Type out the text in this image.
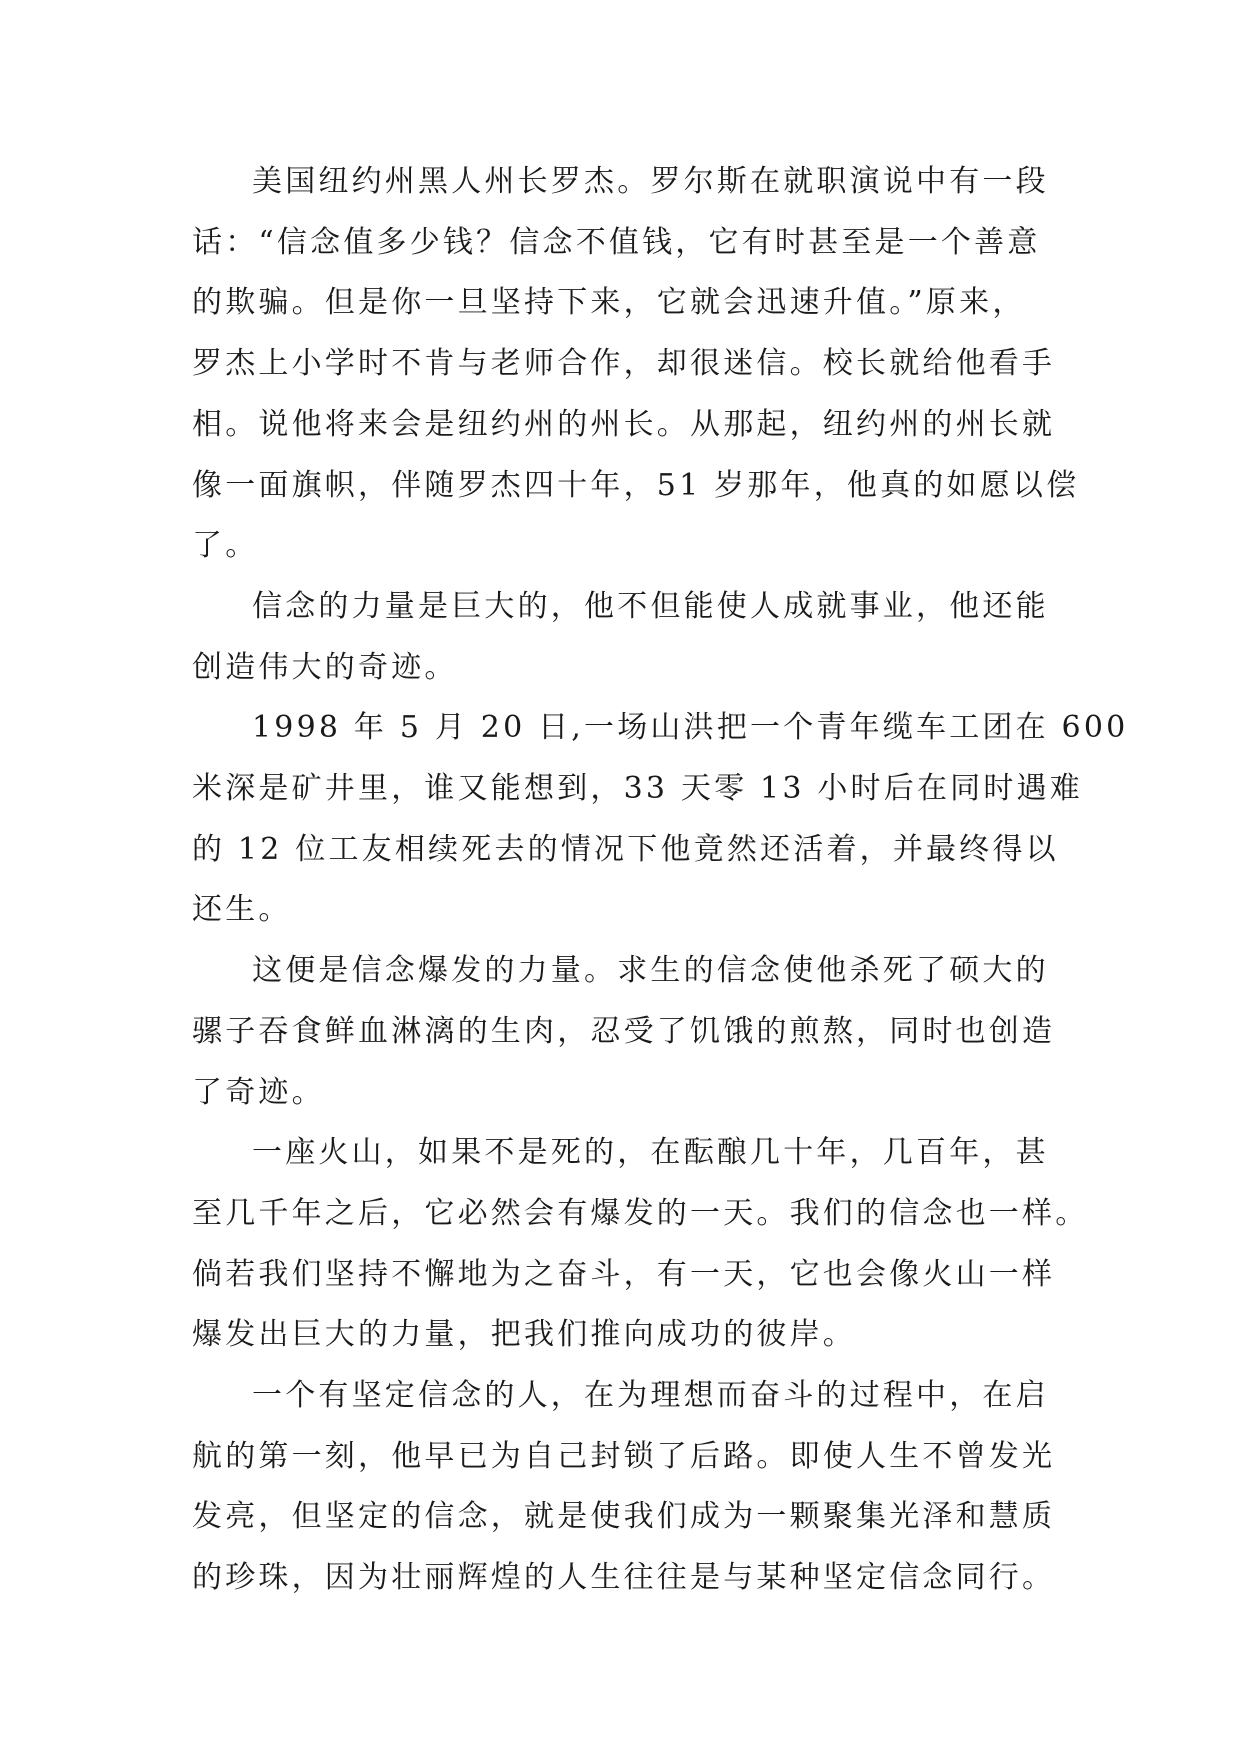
美国纽约州黑人州长罗杰。罗尔斯在就职演说中有一段
话：“信念值多少钱？信念不值钱，它有时甚至是一个善意
的欺骗。但是你一旦坚持下来，它就会迅速升值。”原来，
罗杰上小学时不肯与老师合作，却很迷信。校长就给他看手
相。说他将来会是纽约州的州长。从那起，纽约州的州长就
像一面旗帜，伴随罗杰四十年，51 岁那年，他真的如愿以偿
了。

信念的力量是巨大的，他不但能使人成就事业，他还能
创造伟大的奇迹。

1998 年 5 月 20 日,一场山洪把一个青年缆车工团在 600
米深是矿井里，谁又能想到，33 天零 13 小时后在同时遇难
的 12 位工友相续死去的情况下他竟然还活着，并最终得以
还生。

这便是信念爆发的力量。求生的信念使他杀死了硕大的
骡子吞食鲜血淋漓的生肉，忍受了饥饿的煎熬，同时也创造
了奇迹。

一座火山，如果不是死的，在酝酿几十年，几百年，甚
至几千年之后，它必然会有爆发的一天。我们的信念也一样。
倘若我们坚持不懈地为之奋斗，有一天，它也会像火山一样
爆发出巨大的力量，把我们推向成功的彼岸。

一个有坚定信念的人，在为理想而奋斗的过程中，在启
航的第一刻，他早已为自己封锁了后路。即使人生不曾发光
发亮，但坚定的信念，就是使我们成为一颗聚集光泽和慧质
的珍珠，因为壮丽辉煌的人生往往是与某种坚定信念同行。
